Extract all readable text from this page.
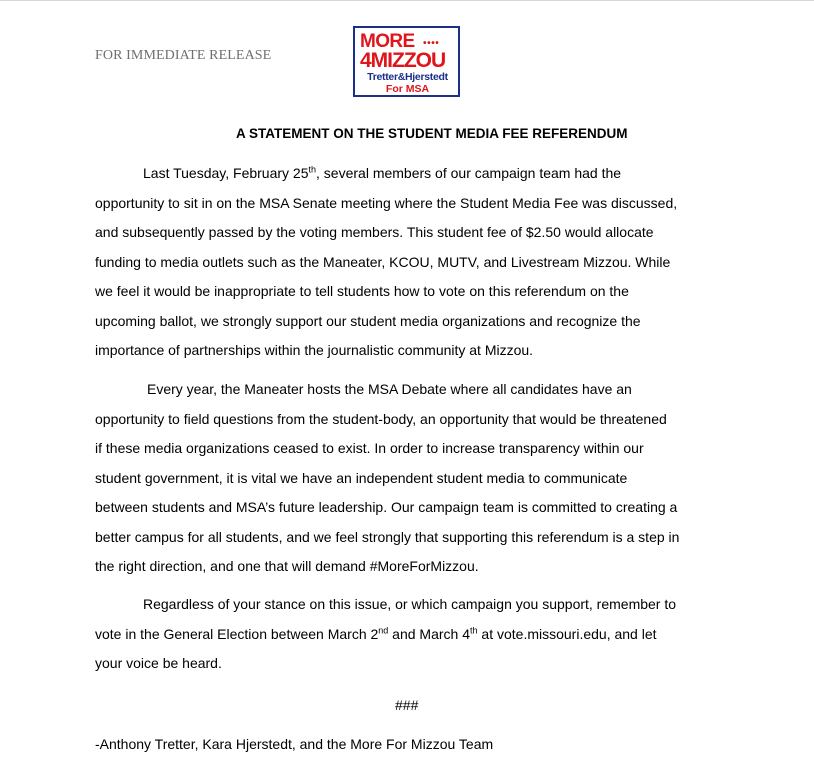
FOR IMMEDIATE RELEASE
MORE ••••
4MIZZOU
Tretter&Hjerstedt
For MSA
A STATEMENT ON THE STUDENT MEDIA FEE REFERENDUM
Last Tuesday, February 25th, several members of our campaign team had the
opportunity to sit in on the MSA Senate meeting where the Student Media Fee was discussed,
and subsequently passed by the voting members. This student fee of $2.50 would allocate
funding to media outlets such as the Maneater, KCOU, MUTV, and Livestream Mizzou. While
we feel it would be inappropriate to tell students how to vote on this referendum on the
upcoming ballot, we strongly support our student media organizations and recognize the
importance of partnerships within the journalistic community at Mizzou.
Every year, the Maneater hosts the MSA Debate where all candidates have an
opportunity to field questions from the student-body, an opportunity that would be threatened
if these media organizations ceased to exist. In order to increase transparency within our
student government, it is vital we have an independent student media to communicate
between students and MSA’s future leadership. Our campaign team is committed to creating a
better campus for all students, and we feel strongly that supporting this referendum is a step in
the right direction, and one that will demand #MoreForMizzou.
Regardless of your stance on this issue, or which campaign you support, remember to
vote in the General Election between March 2nd and March 4th at vote.missouri.edu, and let
your voice be heard.
###
-Anthony Tretter, Kara Hjerstedt, and the More For Mizzou Team
